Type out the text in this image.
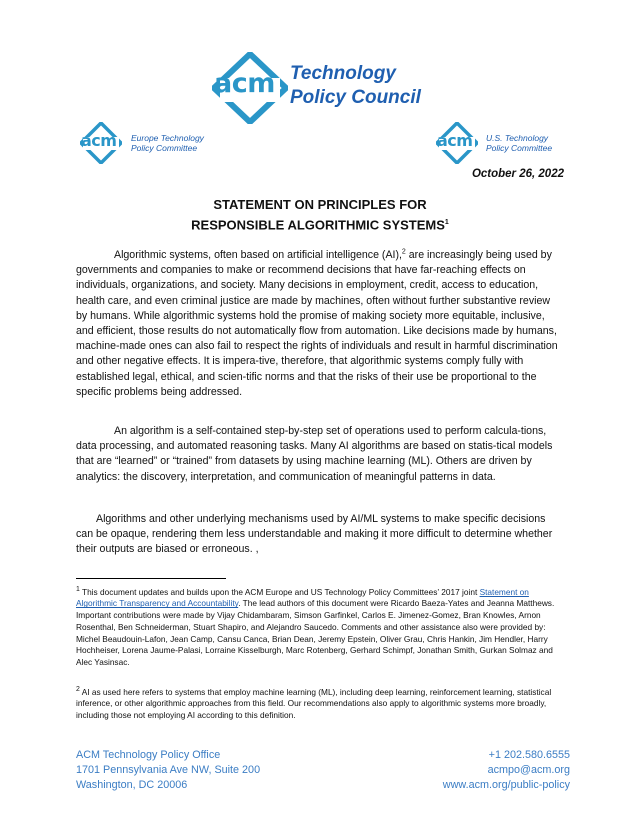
acm Technology
Policy Council
acm Europe Technology
Policy Committee	acm U.S. Technology
Policy Committee
October 26, 2022
STATEMENT ON PRINCIPLES FOR
RESPONSIBLE ALGORITHMIC SYSTEMS$^1$
Algorithmic systems, often based on artificial intelligence (AI),$^2$ are increasingly being used by governments and companies to make or recommend decisions that have far-reaching effects on individuals, organizations, and society. Many decisions in employment, credit, access to education, health care, and even criminal justice are made by machines, often without further substantive review by humans. While algorithmic systems hold the promise of making society more equitable, inclusive, and efficient, those results do not automatically flow from automation. Like decisions made by humans, machine-made ones can also fail to respect the rights of individuals and result in harmful discrimination and other negative effects. It is impera-tive, therefore, that algorithmic systems comply fully with established legal, ethical, and scien-tific norms and that the risks of their use be proportional to the specific problems being addressed.
An algorithm is a self-contained step-by-step set of operations used to perform calcula-tions, data processing, and automated reasoning tasks. Many AI algorithms are based on statis-tical models that are “learned” or “trained” from datasets by using machine learning (ML). Others are driven by analytics: the discovery, interpretation, and communication of meaningful patterns in data.
Algorithms and other underlying mechanisms used by AI/ML systems to make specific decisions can be opaque, rendering them less understandable and making it more difficult to determine whether their outputs are biased or erroneous. ,
$^1$ This document updates and builds upon the ACM Europe and US Technology Policy Committees’ 2017 joint Statement on Algorithmic Transparency and Accountability. The lead authors of this document were Ricardo Baeza-Yates and Jeanna Matthews. Important contributions were made by Vijay Chidambaram, Simson Garfinkel, Carlos E. Jimenez-Gomez, Bran Knowles, Arnon Rosenthal, Ben Schneiderman, Stuart Shapiro, and Alejandro Saucedo. Comments and other assistance also were provided by: Michel Beaudouin-Lafon, Jean Camp, Cansu Canca, Brian Dean, Jeremy Epstein, Oliver Grau, Chris Hankin, Jim Hendler, Harry Hochheiser, Lorena Jaume-Palasi, Lorraine Kisselburgh, Marc Rotenberg, Gerhard Schimpf, Jonathan Smith, Gurkan Solmaz and Alec Yasinsac.
$^2$ AI as used here refers to systems that employ machine learning (ML), including deep learning, reinforcement learning, statistical inference, or other algorithmic approaches from this field. Our recommendations also apply to algorithmic systems more broadly, including those not employing AI according to this definition.
ACM Technology Policy Office
1701 Pennsylvania Ave NW, Suite 200
Washington, DC 20006
+1 202.580.6555
acmpo@acm.org
www.acm.org/public-policy
